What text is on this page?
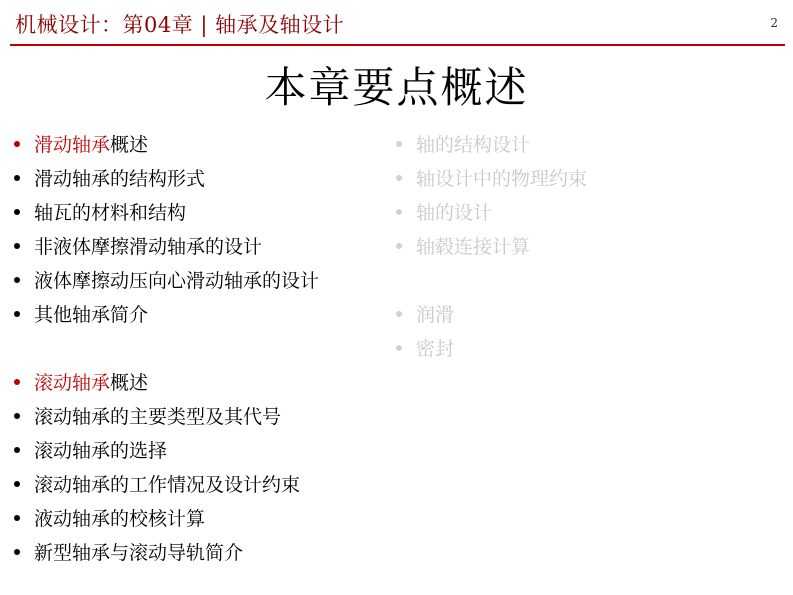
机械设计：第04章 | 轴承及轴设计	2
本章要点概述
滑动轴承概述
滑动轴承的结构形式
轴瓦的材料和结构
非液体摩擦滑动轴承的设计
液体摩擦动压向心滑动轴承的设计
其他轴承简介
滚动轴承概述
滚动轴承的主要类型及其代号
滚动轴承的选择
滚动轴承的工作情况及设计约束
液动轴承的校核计算
新型轴承与滚动导轨简介
轴的结构设计
轴设计中的物理约束
轴的设计
轴毂连接计算
润滑
密封
